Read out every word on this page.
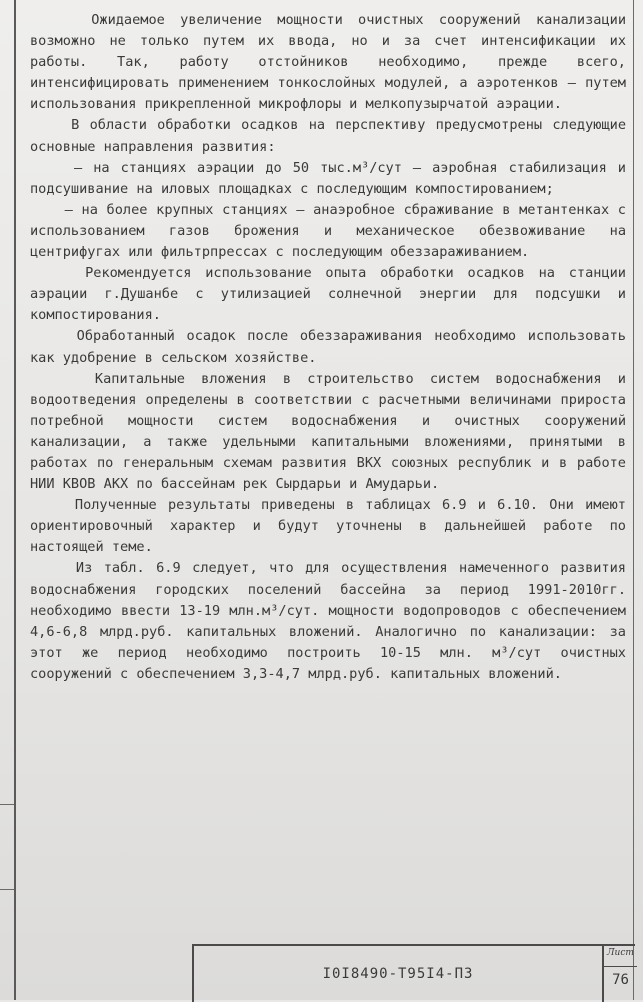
Ожидаемое увеличение мощности очистных сооружений канализации возможно не только путем их ввода, но и за счет интенсификации их работы. Так, работу отстойников необходимо, прежде всего, интенсифицировать применением тонкослойных модулей, а аэротенков – путем использования прикрепленной микрофлоры и мелкопузырчатой аэрации.

В области обработки осадков на перспективу предусмотрены следующие основные направления развития:

– на станциях аэрации до 50 тыс.м³/сут – аэробная стабилизация и подсушивание на иловых площадках с последующим компостированием;

– на более крупных станциях – анаэробное сбраживание в метантенках с использованием газов брожения и механическое обезвоживание на центрифугах или фильтрпрессах с последующим обеззараживанием.

Рекомендуется использование опыта обработки осадков на станции аэрации г.Душанбе с утилизацией солнечной энергии для подсушки и компостирования.

Обработанный осадок после обеззараживания необходимо использовать как удобрение в сельском хозяйстве.

Капитальные вложения в строительство систем водоснабжения и водоотведения определены в соответствии с расчетными величинами прироста потребной мощности систем водоснабжения и очистных сооружений канализации, а также удельными капитальными вложениями, принятыми в работах по генеральным схемам развития ВКХ союзных республик и в работе НИИ КВОВ АКХ по бассейнам рек Сырдарьи и Амударьи.

Полученные результаты приведены в таблицах 6.9 и 6.10. Они имеют ориентировочный характер и будут уточнены в дальнейшей работе по настоящей теме.

Из табл. 6.9 следует, что для осуществления намеченного развития водоснабжения городских поселений бассейна за период 1991-2010гг. необходимо ввести 13-19 млн.м³/сут. мощности водопроводов с обеспечением 4,6-6,8 млрд.руб. капитальных вложений. Аналогично по канализации: за этот же период необходимо построить 10-15 млн. м³/сут очистных сооружений с обеспечением 3,3-4,7 млрд.руб. капитальных вложений.

I0I8490-Т95I4-ПЗ
Лист
76
